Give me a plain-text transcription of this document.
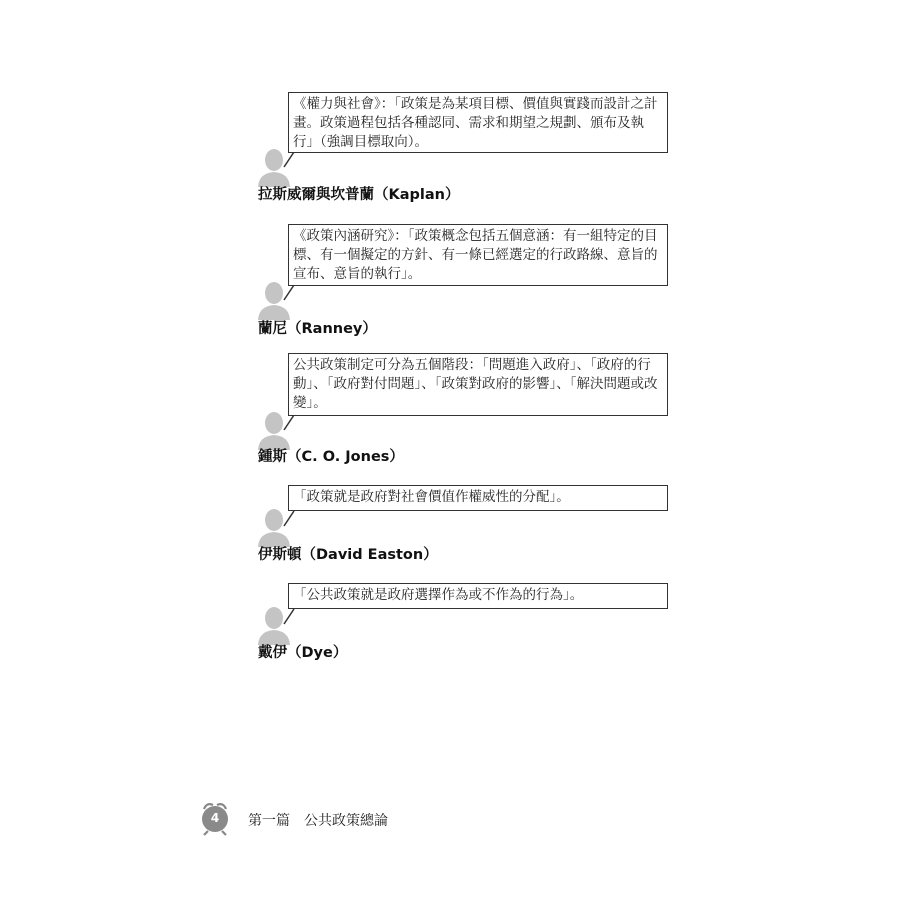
《權力與社會》：「政策是為某項目標、價值與實踐而設計之計畫。政策過程包括各種認同、需求和期望之規劃、頒布及執行」（強調目標取向）。
拉斯威爾與坎普蘭（Kaplan）
《政策內涵研究》：「政策概念包括五個意涵：有一組特定的目標、有一個擬定的方針、有一條已經選定的行政路線、意旨的宣布、意旨的執行」。
蘭尼（Ranney）
公共政策制定可分為五個階段：「問題進入政府」、「政府的行動」、「政府對付問題」、「政策對政府的影響」、「解決問題或改變」。
鍾斯（C. O. Jones）
「政策就是政府對社會價值作權威性的分配」。
伊斯頓（David Easton）
「公共政策就是政府選擇作為或不作為的行為」。
戴伊（Dye）
4	第一篇　公共政策總論
